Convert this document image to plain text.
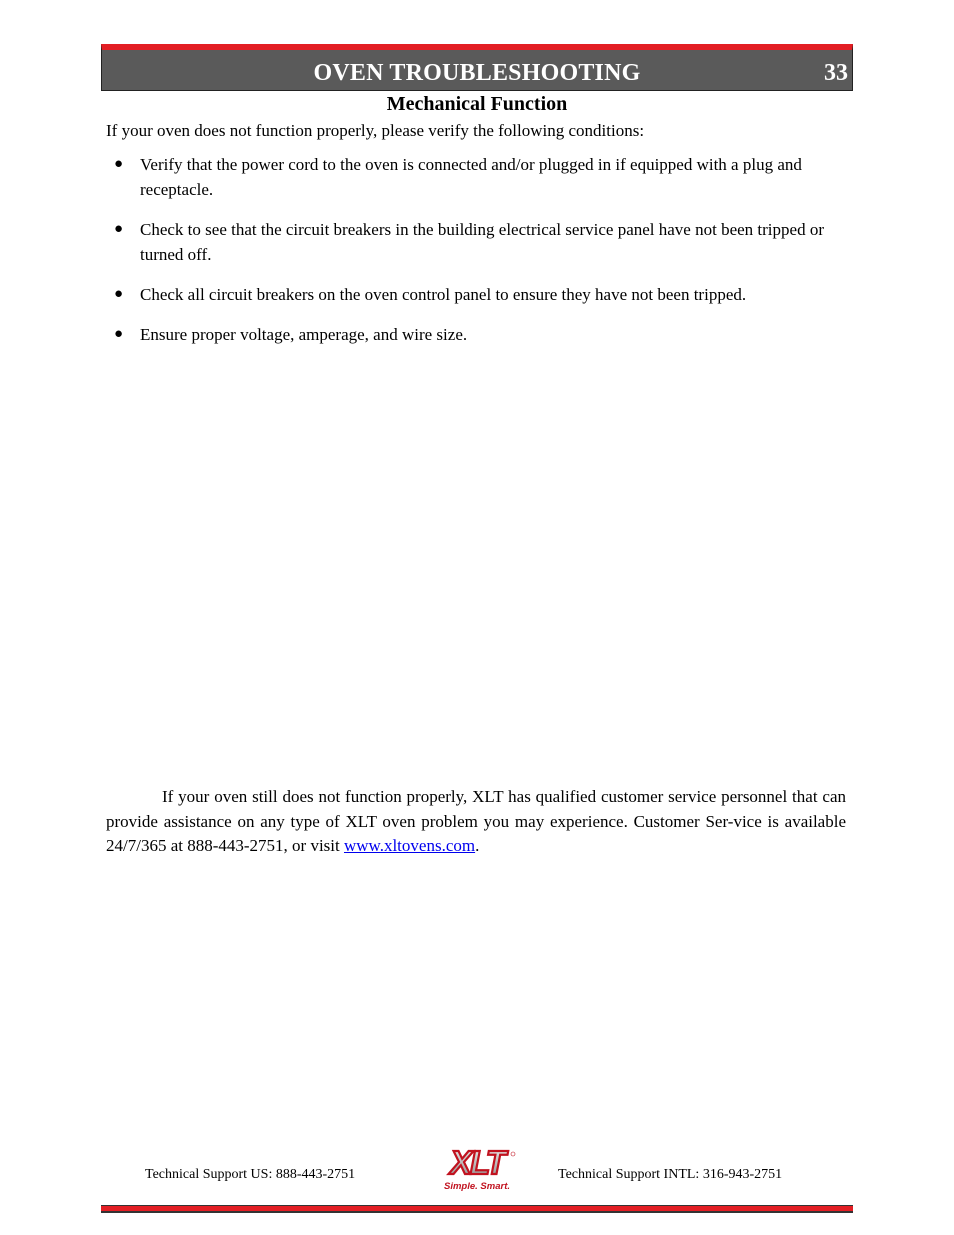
OVEN TROUBLESHOOTING	33
Mechanical Function
If your oven does not function properly, please verify the following conditions:
● Verify that the power cord to the oven is connected and/or plugged in if equipped with a plug and receptacle.
● Check to see that the circuit breakers in the building electrical service panel have not been tripped or turned off.
● Check all circuit breakers on the oven control panel to ensure they have not been tripped.
● Ensure proper voltage, amperage, and wire size.
If your oven still does not function properly, XLT has qualified customer service personnel that can provide assistance on any type of XLT oven problem you may experience. Customer Ser-vice is available 24/7/365 at 888-443-2751, or visit www.xltovens.com.
Technical Support US: 888-443-2751	XLT
Simple. Smart.
Technical Support INTL: 316-943-2751
